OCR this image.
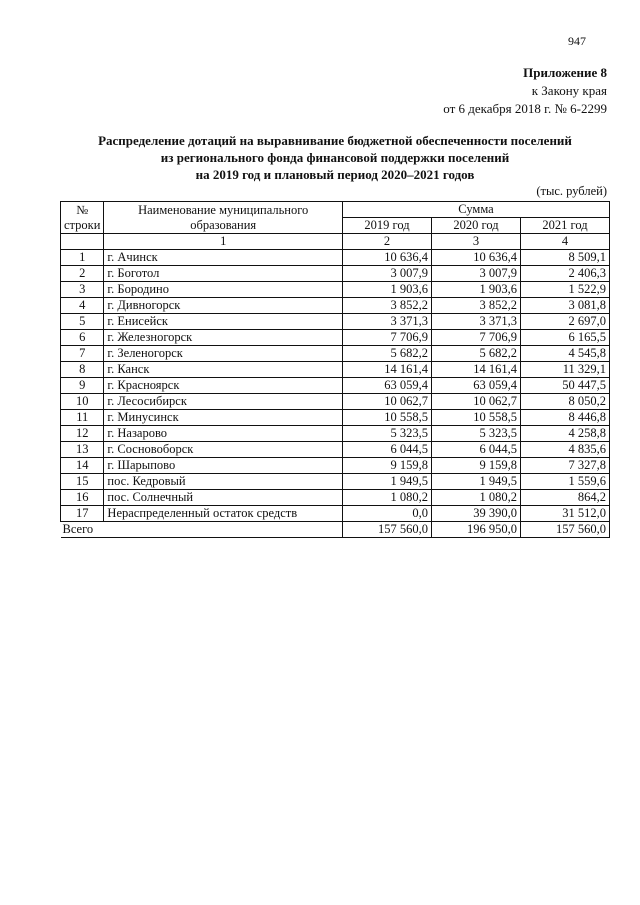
947
Приложение 8
к Закону края
от 6 декабря 2018 г. № 6-2299
Распределение дотаций на выравнивание бюджетной обеспеченности поселений
из регионального фонда финансовой поддержки поселений
на 2019 год и плановый период 2020–2021 годов
(тыс. рублей)
№ строки	Наименование муниципального образования	Сумма		
		2019 год	2020 год	2021 год
	1	2	3	4
1	г. Ачинск	10 636,4	10 636,4	8 509,1
2	г. Боготол	3 007,9	3 007,9	2 406,3
3	г. Бородино	1 903,6	1 903,6	1 522,9
4	г. Дивногорск	3 852,2	3 852,2	3 081,8
5	г. Енисейск	3 371,3	3 371,3	2 697,0
6	г. Железногорск	7 706,9	7 706,9	6 165,5
7	г. Зеленогорск	5 682,2	5 682,2	4 545,8
8	г. Канск	14 161,4	14 161,4	11 329,1
9	г. Красноярск	63 059,4	63 059,4	50 447,5
10	г. Лесосибирск	10 062,7	10 062,7	8 050,2
11	г. Минусинск	10 558,5	10 558,5	8 446,8
12	г. Назарово	5 323,5	5 323,5	4 258,8
13	г. Сосновоборск	6 044,5	6 044,5	4 835,6
14	г. Шарыпово	9 159,8	9 159,8	7 327,8
15	пос. Кедровый	1 949,5	1 949,5	1 559,6
16	пос. Солнечный	1 080,2	1 080,2	864,2
17	Нераспределенный остаток средств	0,0	39 390,0	31 512,0
Всего		157 560,0	196 950,0	157 560,0
